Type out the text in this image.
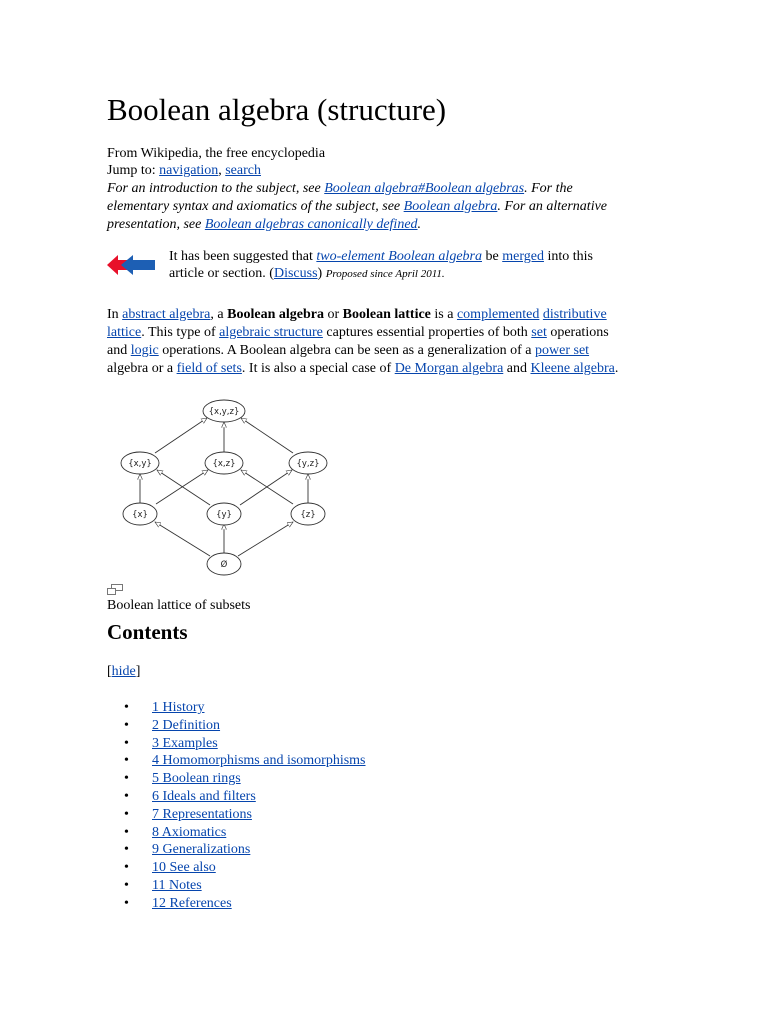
Boolean algebra (structure)
From Wikipedia, the free encyclopedia
Jump to: navigation, search
For an introduction to the subject, see Boolean algebra#Boolean algebras. For the
elementary syntax and axiomatics of the subject, see Boolean algebra. For an alternative
presentation, see Boolean algebras canonically defined.
It has been suggested that two-element Boolean algebra be merged into this
article or section. (Discuss) Proposed since April 2011.
In abstract algebra, a Boolean algebra or Boolean lattice is a complemented distributive
lattice. This type of algebraic structure captures essential properties of both set operations
and logic operations. A Boolean algebra can be seen as a generalization of a power set
algebra or a field of sets. It is also a special case of De Morgan algebra and Kleene algebra.
{x,y,z}
{x,y}	{x,z}	{y,z}
{x}	{y}	{z}
Ø
Boolean lattice of subsets
Contents
[hide]
• 1 History
• 2 Definition
• 3 Examples
• 4 Homomorphisms and isomorphisms
• 5 Boolean rings
• 6 Ideals and filters
• 7 Representations
• 8 Axiomatics
• 9 Generalizations
• 10 See also
• 11 Notes
• 12 References
